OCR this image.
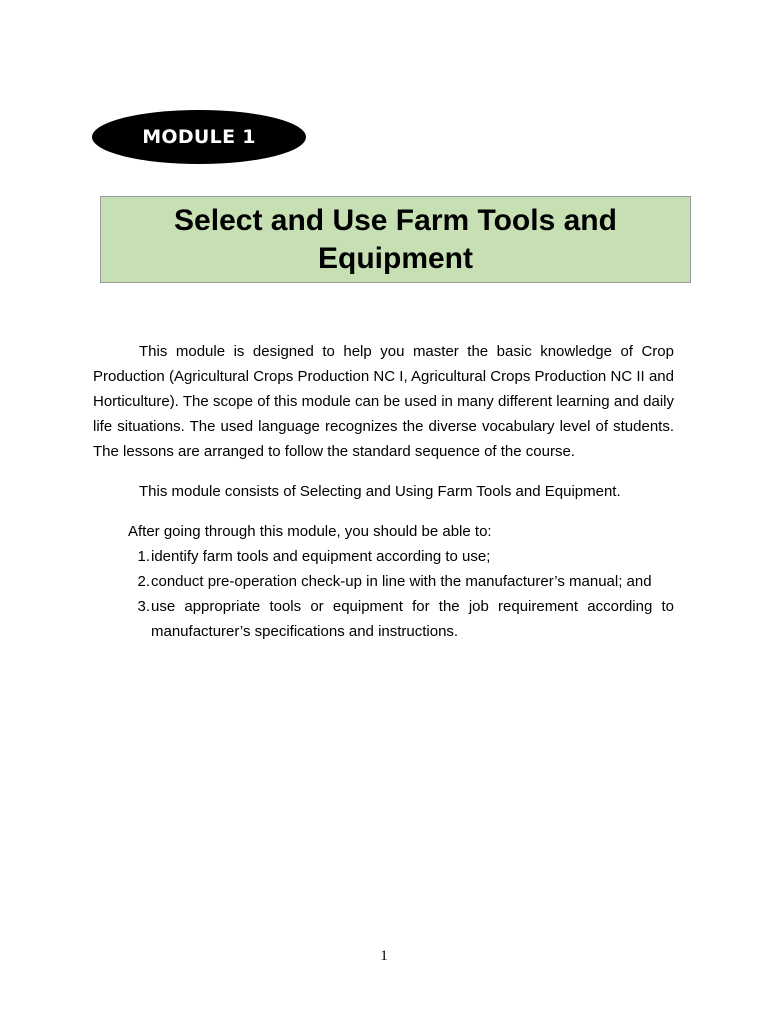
MODULE 1
Select and Use Farm Tools and Equipment

This module is designed to help you master the basic knowledge of Crop Production (Agricultural Crops Production NC I, Agricultural Crops Production NC II and Horticulture). The scope of this module can be used in many different learning and daily life situations. The used language recognizes the diverse vocabulary level of students. The lessons are arranged to follow the standard sequence of the course.

This module consists of Selecting and Using Farm Tools and Equipment.

After going through this module, you should be able to:

1. identify farm tools and equipment according to use;
2. conduct pre-operation check-up in line with the manufacturer’s manual; and
3. use appropriate tools or equipment for the job requirement according to manufacturer’s specifications and instructions.
1
